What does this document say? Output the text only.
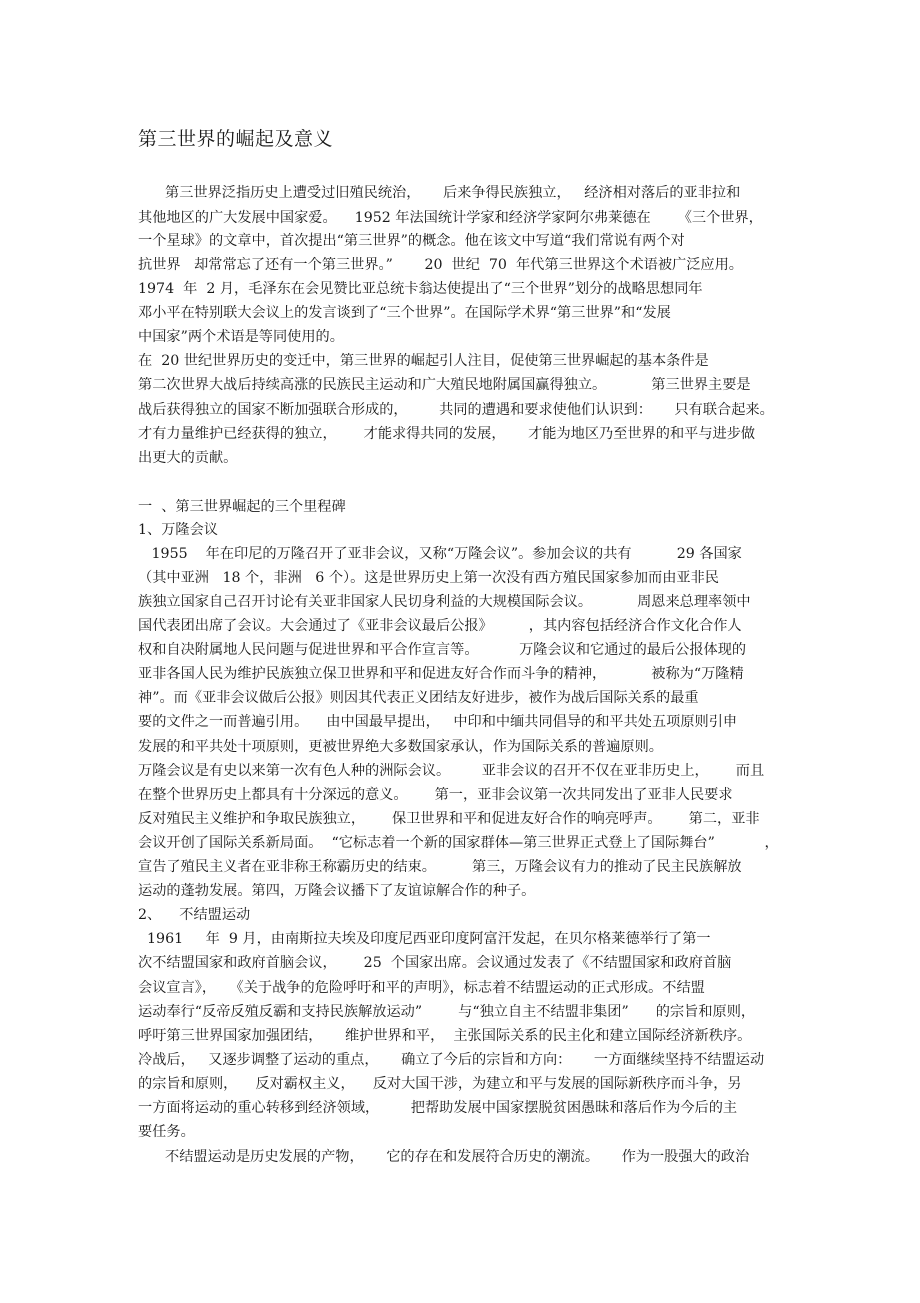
第三世界的崛起及意义
第三世界泛指历史上遭受过旧殖民统治，     后来争得民族独立，   经济相对落后的亚非拉和
其他地区的广大发展中国家爱。    1952 年法国统计学家和经济学家阿尔弗莱德在      《三个世界，
一个星球》的文章中，首次提出“第三世界”的概念。他在该文中写道“我们常说有两个对
抗世界   却常常忘了还有一个第三世界。”       20  世纪  70  年代第三世界这个术语被广泛应用。
1974  年  2 月，毛泽东在会见赞比亚总统卡翁达使提出了“三个世界”划分的战略思想同年
邓小平在特别联大会议上的发言谈到了“三个世界”。在国际学术界“第三世界”和“发展
中国家”两个术语是等同使用的。
在  20 世纪世界历史的变迁中，第三世界的崛起引人注目，促使第三世界崛起的基本条件是
第二次世界大战后持续高涨的民族民主运动和广大殖民地附属国赢得独立。          第三世界主要是
战后获得独立的国家不断加强联合形成的，       共同的遭遇和要求使他们认识到：     只有联合起来。
才有力量维护已经获得的独立，      才能求得共同的发展，     才能为地区乃至世界的和平与进步做
出更大的贡献。
一  、第三世界崛起的三个里程碑
1、万隆会议
1955    年在印尼的万隆召开了亚非会议，又称“万隆会议”。参加会议的共有          29 各国家
（其中亚洲   18 个，非洲   6 个）。这是世界历史上第一次没有西方殖民国家参加而由亚非民
族独立国家自己召开讨论有关亚非国家人民切身利益的大规模国际会议。          周恩来总理率领中
国代表团出席了会议。大会通过了《亚非会议最后公报》        ，其内容包括经济合作文化合作人
权和自决附属地人民问题与促进世界和平合作宣言等。         万隆会议和它通过的最后公报体现的
亚非各国人民为维护民族独立保卫世界和平和促进友好合作而斗争的精神，          被称为“万隆精
神”。而《亚非会议做后公报》则因其代表正义团结友好进步，被作为战后国际关系的最重
要的文件之一而普遍引用。    由中国最早提出，   中印和中缅共同倡导的和平共处五项原则引申
发展的和平共处十项原则，更被世界绝大多数国家承认，作为国际关系的普遍原则。
万隆会议是有史以来第一次有色人种的洲际会议。       亚非会议的召开不仅在亚非历史上，      而且
在整个世界历史上都具有十分深远的意义。      第一，亚非会议第一次共同发出了亚非人民要求
反对殖民主义维护和争取民族独立，      保卫世界和平和促进友好合作的响亮呼声。      第二，亚非
会议开创了国际关系新局面。  “它标志着一个新的国家群体—第三世界正式登上了国际舞台”           ，
宣告了殖民主义者在亚非称王称霸历史的结束。        第三，万隆会议有力的推动了民主民族解放
运动的蓬勃发展。第四，万隆会议播下了友谊谅解合作的种子。
2、    不结盟运动
1961     年  9 月，由南斯拉夫埃及印度尼西亚印度阿富汗发起，在贝尔格莱德举行了第一
次不结盟国家和政府首脑会议，      25  个国家出席。会议通过发表了《不结盟国家和政府首脑
会议宣言》，   《关于战争的危险呼吁和平的声明》，标志着不结盟运动的正式形成。不结盟
运动奉行“反帝反殖反霸和支持民族解放运动”        与“独立自主不结盟非集团”      的宗旨和原则，
呼吁第三世界国家加强团结，     维护世界和平，  主张国际关系的民主化和建立国际经济新秩序。
冷战后，   又逐步调整了运动的重点，     确立了今后的宗旨和方向：     一方面继续坚持不结盟运动
的宗旨和原则，    反对霸权主义，    反对大国干涉，为建立和平与发展的国际新秩序而斗争，另
一方面将运动的重心转移到经济领域，       把帮助发展中国家摆脱贫困愚昧和落后作为今后的主
要任务。
不结盟运动是历史发展的产物，     它的存在和发展符合历史的潮流。     作为一股强大的政治
